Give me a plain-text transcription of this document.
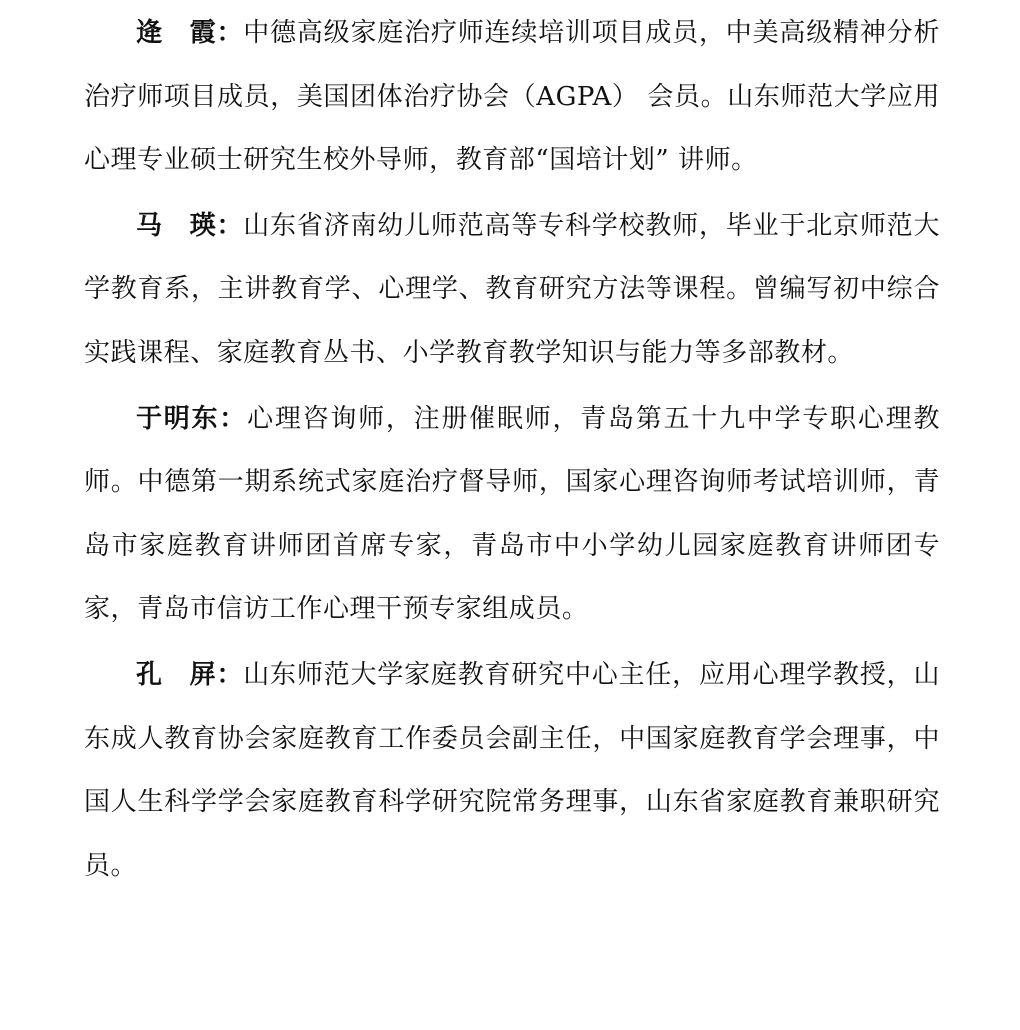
逄　霞：中德高级家庭治疗师连续培训项目成员，中美高级精神分析治疗师项目成员，美国团体治疗协会（AGPA） 会员。山东师范大学应用心理专业硕士研究生校外导师，教育部“国培计划” 讲师。

马　瑛：山东省济南幼儿师范高等专科学校教师，毕业于北京师范大学教育系，主讲教育学、心理学、教育研究方法等课程。曾编写初中综合实践课程、家庭教育丛书、小学教育教学知识与能力等多部教材。

于明东：心理咨询师，注册催眠师，青岛第五十九中学专职心理教师。中德第一期系统式家庭治疗督导师，国家心理咨询师考试培训师，青岛市家庭教育讲师团首席专家，青岛市中小学幼儿园家庭教育讲师团专家，青岛市信访工作心理干预专家组成员。

孔　屏：山东师范大学家庭教育研究中心主任，应用心理学教授，山东成人教育协会家庭教育工作委员会副主任，中国家庭教育学会理事，中国人生科学学会家庭教育科学研究院常务理事，山东省家庭教育兼职研究员。
